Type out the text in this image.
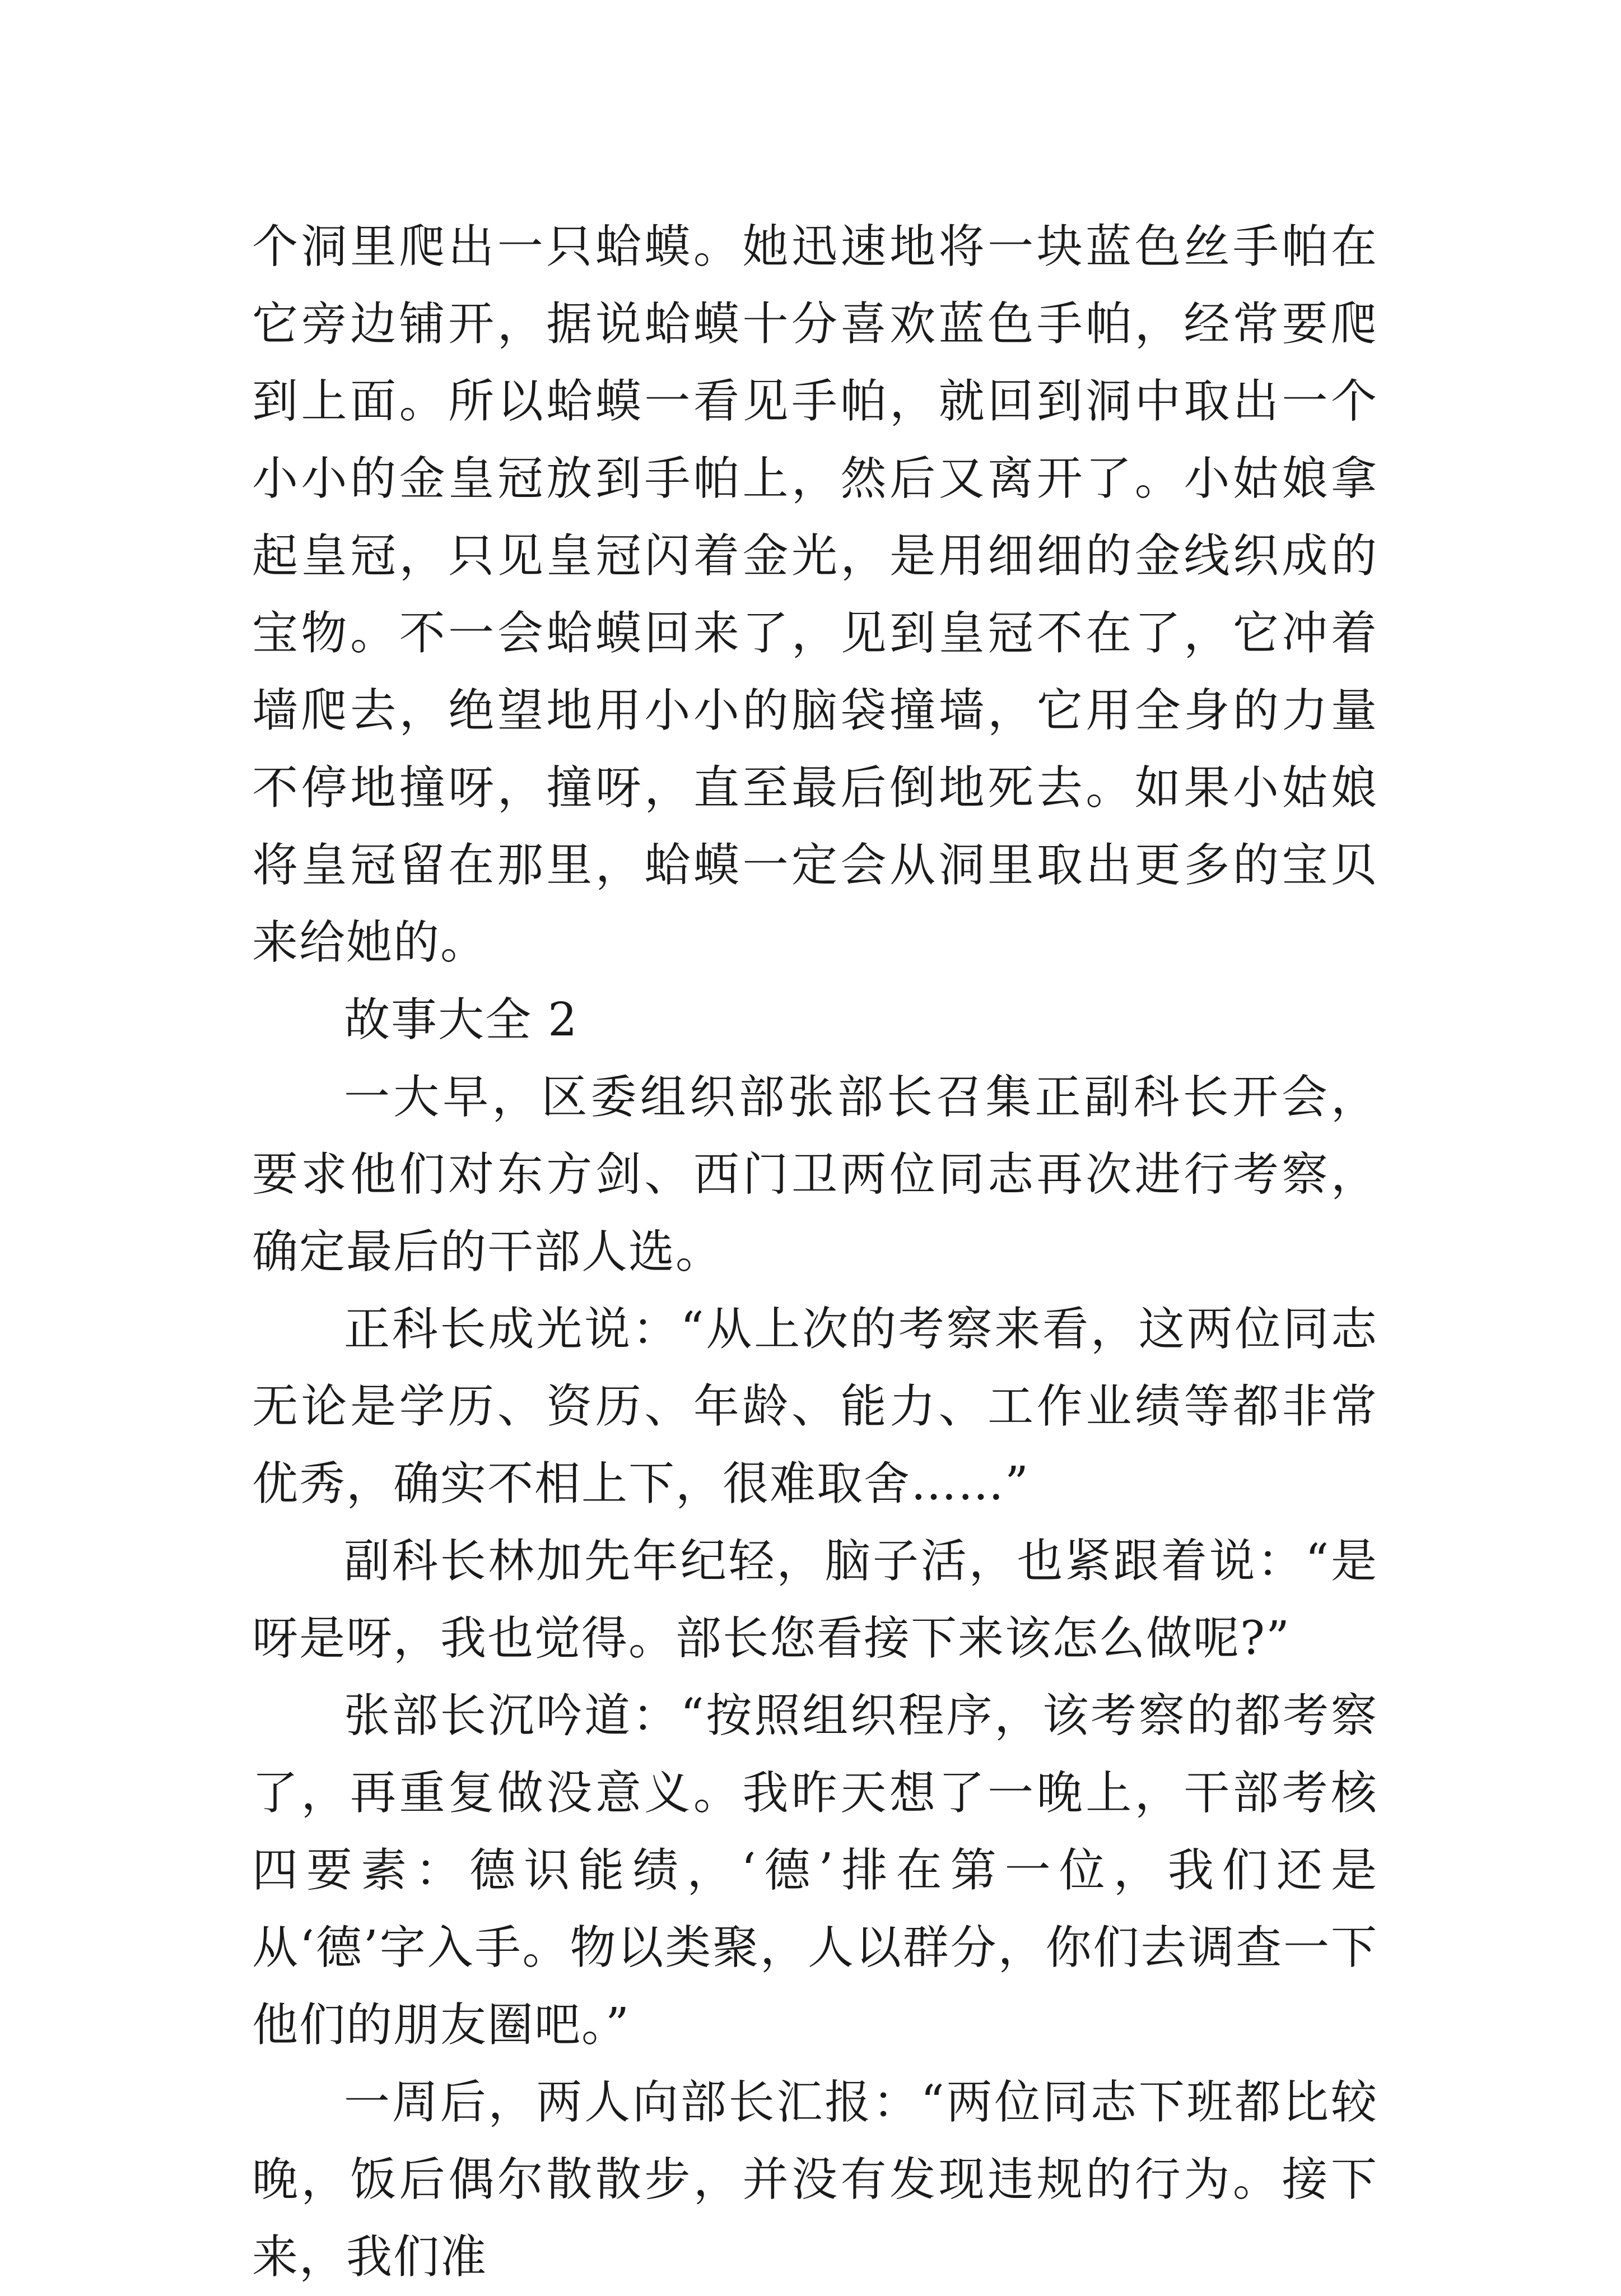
个洞里爬出一只蛤蟆。她迅速地将一块蓝色丝手帕在它旁边铺开，据说蛤蟆十分喜欢蓝色手帕，经常要爬到上面。所以蛤蟆一看见手帕，就回到洞中取出一个小小的金皇冠放到手帕上，然后又离开了。小姑娘拿起皇冠，只见皇冠闪着金光，是用细细的金线织成的宝物。不一会蛤蟆回来了，见到皇冠不在了，它冲着墙爬去，绝望地用小小的脑袋撞墙，它用全身的力量不停地撞呀，撞呀，直至最后倒地死去。如果小姑娘将皇冠留在那里，蛤蟆一定会从洞里取出更多的宝贝来给她的。

故事大全 2

一大早，区委组织部张部长召集正副科长开会，要求他们对东方剑、西门卫两位同志再次进行考察，确定最后的干部人选。

正科长成光说：“从上次的考察来看，这两位同志无论是学历、资历、年龄、能力、工作业绩等都非常优秀，确实不相上下，很难取舍……”

副科长林加先年纪轻，脑子活，也紧跟着说：“是呀是呀，我也觉得。部长您看接下来该怎么做呢?”

张部长沉吟道：“按照组织程序，该考察的都考察了，再重复做没意义。我昨天想了一晚上，干部考核四要素：德识能绩，‘德’排在第一位，我们还是从‘德’字入手。物以类聚，人以群分，你们去调查一下他们的朋友圈吧。”

一周后，两人向部长汇报：“两位同志下班都比较晚，饭后偶尔散散步，并没有发现违规的行为。接下来，我们准
